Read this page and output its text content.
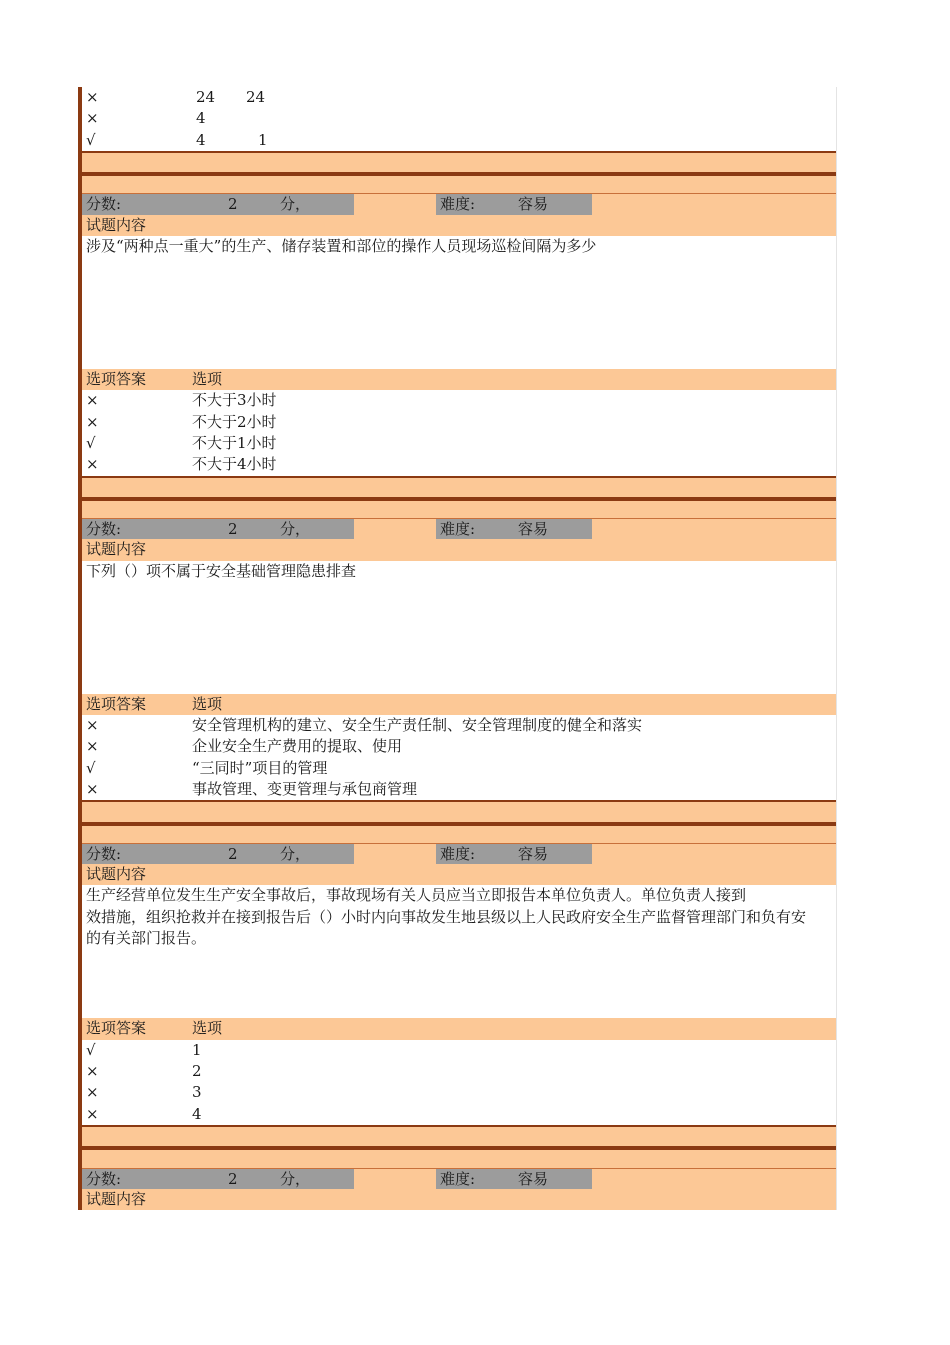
×	24 24
×	4
√	4	1
分数:	2	分，	难度:	容易
试题内容

涉及“两种点一重大”的生产、储存装置和部位的操作人员现场巡检间隔为多少

选项答案	选项
×	不大于3小时
×	不大于2小时
√	不大于1小时
×	不大于4小时
分数:	2	分，	难度:	容易
试题内容

下列（）项不属于安全基础管理隐患排查

选项答案	选项
×	安全管理机构的建立、安全生产责任制、安全管理制度的健全和落实
×	企业安全生产费用的提取、使用
√	“三同时”项目的管理
×	事故管理、变更管理与承包商管理
分数:	2	分，	难度:	容易
试题内容

生产经营单位发生生产安全事故后，事故现场有关人员应当立即报告本单位负责人。单位负责人接到

效措施，组织抢救并在接到报告后（）小时内向事故发生地县级以上人民政府安全生产监督管理部门和负有安

的有关部门报告。

选项答案	选项
√	1
×	2
×	3
×	4
分数:	2	分，	难度:	容易
试题内容
